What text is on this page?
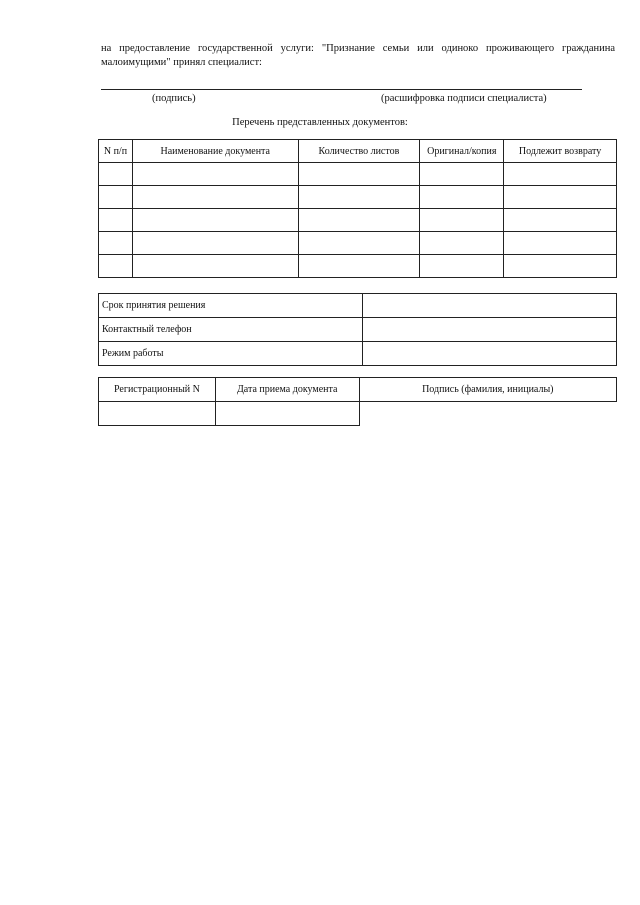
на предоставление государственной услуги: "Признание семьи или одиноко проживающего гражданина малоимущими" принял специалист:
(подпись)	(расшифровка подписи специалиста)
Перечень представленных документов:
N п/п	Наименование документа	Количество листов	Оригинал/копия	Подлежит возврату

Срок принятия решения	
Контактный телефон	
Режим работы	
Регистрационный N	Дата приема документа	Подпись (фамилия, инициалы)
